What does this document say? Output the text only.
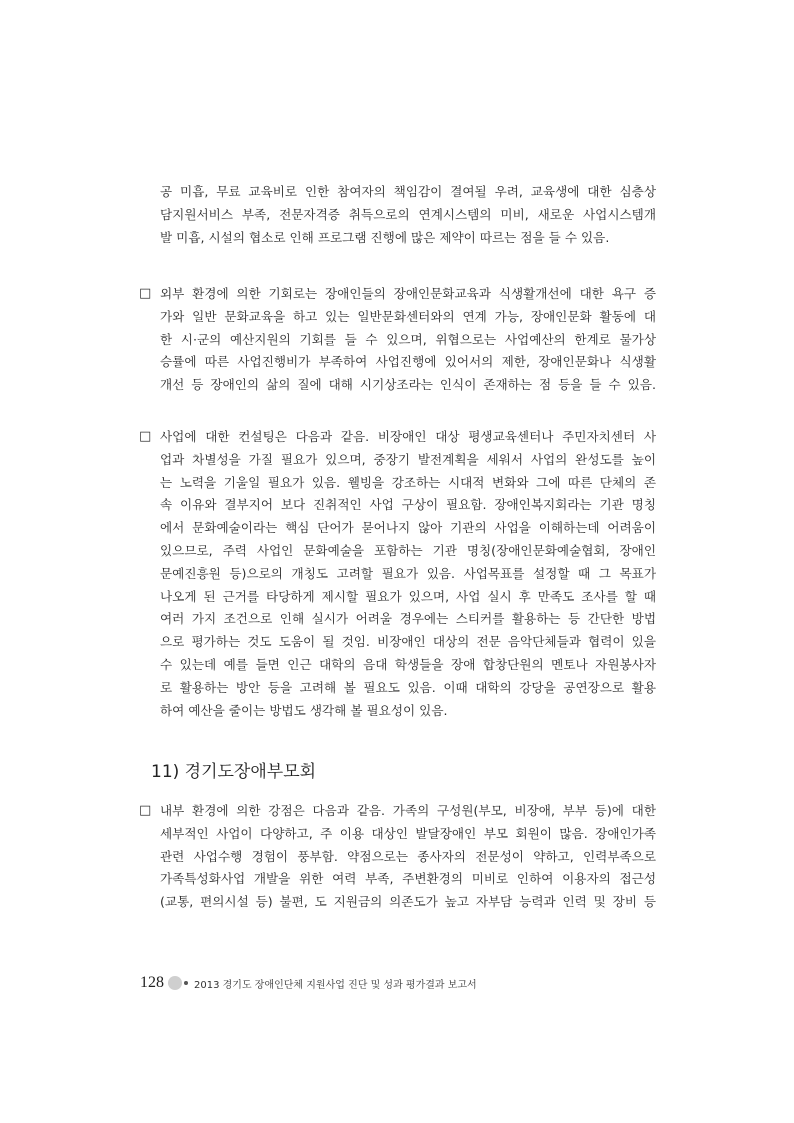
공 미흡, 무료 교육비로 인한 참여자의 책임감이 결여될 우려, 교육생에 대한 심층상
담지원서비스 부족, 전문자격증 취득으로의 연계시스템의 미비, 새로운 사업시스템개
발 미흡, 시설의 협소로 인해 프로그램 진행에 많은 제약이 따르는 점을 들 수 있음.
□ 외부 환경에 의한 기회로는 장애인들의 장애인문화교육과 식생활개선에 대한 욕구 증
가와 일반 문화교육을 하고 있는 일반문화센터와의 연계 가능, 장애인문화 활동에 대
한 시·군의 예산지원의 기회를 들 수 있으며, 위협으로는 사업예산의 한계로 물가상
승률에 따른 사업진행비가 부족하여 사업진행에 있어서의 제한, 장애인문화나 식생활
개선 등 장애인의 삶의 질에 대해 시기상조라는 인식이 존재하는 점 등을 들 수 있음.
□ 사업에 대한 컨설팅은 다음과 같음. 비장애인 대상 평생교육센터나 주민자치센터 사
업과 차별성을 가질 필요가 있으며, 중장기 발전계획을 세워서 사업의 완성도를 높이
는 노력을 기울일 필요가 있음. 웰빙을 강조하는 시대적 변화와 그에 따른 단체의 존
속 이유와 결부지어 보다 진취적인 사업 구상이 필요함. 장애인복지회라는 기관 명칭
에서 문화예술이라는 핵심 단어가 묻어나지 않아 기관의 사업을 이해하는데 어려움이
있으므로, 주력 사업인 문화예술을 포함하는 기관 명칭(장애인문화예술협회, 장애인
문예진흥원 등)으로의 개칭도 고려할 필요가 있음. 사업목표를 설정할 때 그 목표가
나오게 된 근거를 타당하게 제시할 필요가 있으며, 사업 실시 후 만족도 조사를 할 때
여러 가지 조건으로 인해 실시가 어려울 경우에는 스티커를 활용하는 등 간단한 방법
으로 평가하는 것도 도움이 될 것임. 비장애인 대상의 전문 음악단체들과 협력이 있을
수 있는데 예를 들면 인근 대학의 음대 학생들을 장애 합창단원의 멘토나 자원봉사자
로 활용하는 방안 등을 고려해 볼 필요도 있음. 이때 대학의 강당을 공연장으로 활용
하여 예산을 줄이는 방법도 생각해 볼 필요성이 있음.
11) 경기도장애부모회
□ 내부 환경에 의한 강점은 다음과 같음. 가족의 구성원(부모, 비장애, 부부 등)에 대한
세부적인 사업이 다양하고, 주 이용 대상인 발달장애인 부모 회원이 많음. 장애인가족
관련 사업수행 경험이 풍부함. 약점으로는 종사자의 전문성이 약하고, 인력부족으로
가족특성화사업 개발을 위한 여력 부족, 주변환경의 미비로 인하여 이용자의 접근성
(교통, 편의시설 등) 불편, 도 지원금의 의존도가 높고 자부담 능력과 인력 및 장비 등
128	2013 경기도 장애인단체 지원사업 진단 및 성과 평가결과 보고서
